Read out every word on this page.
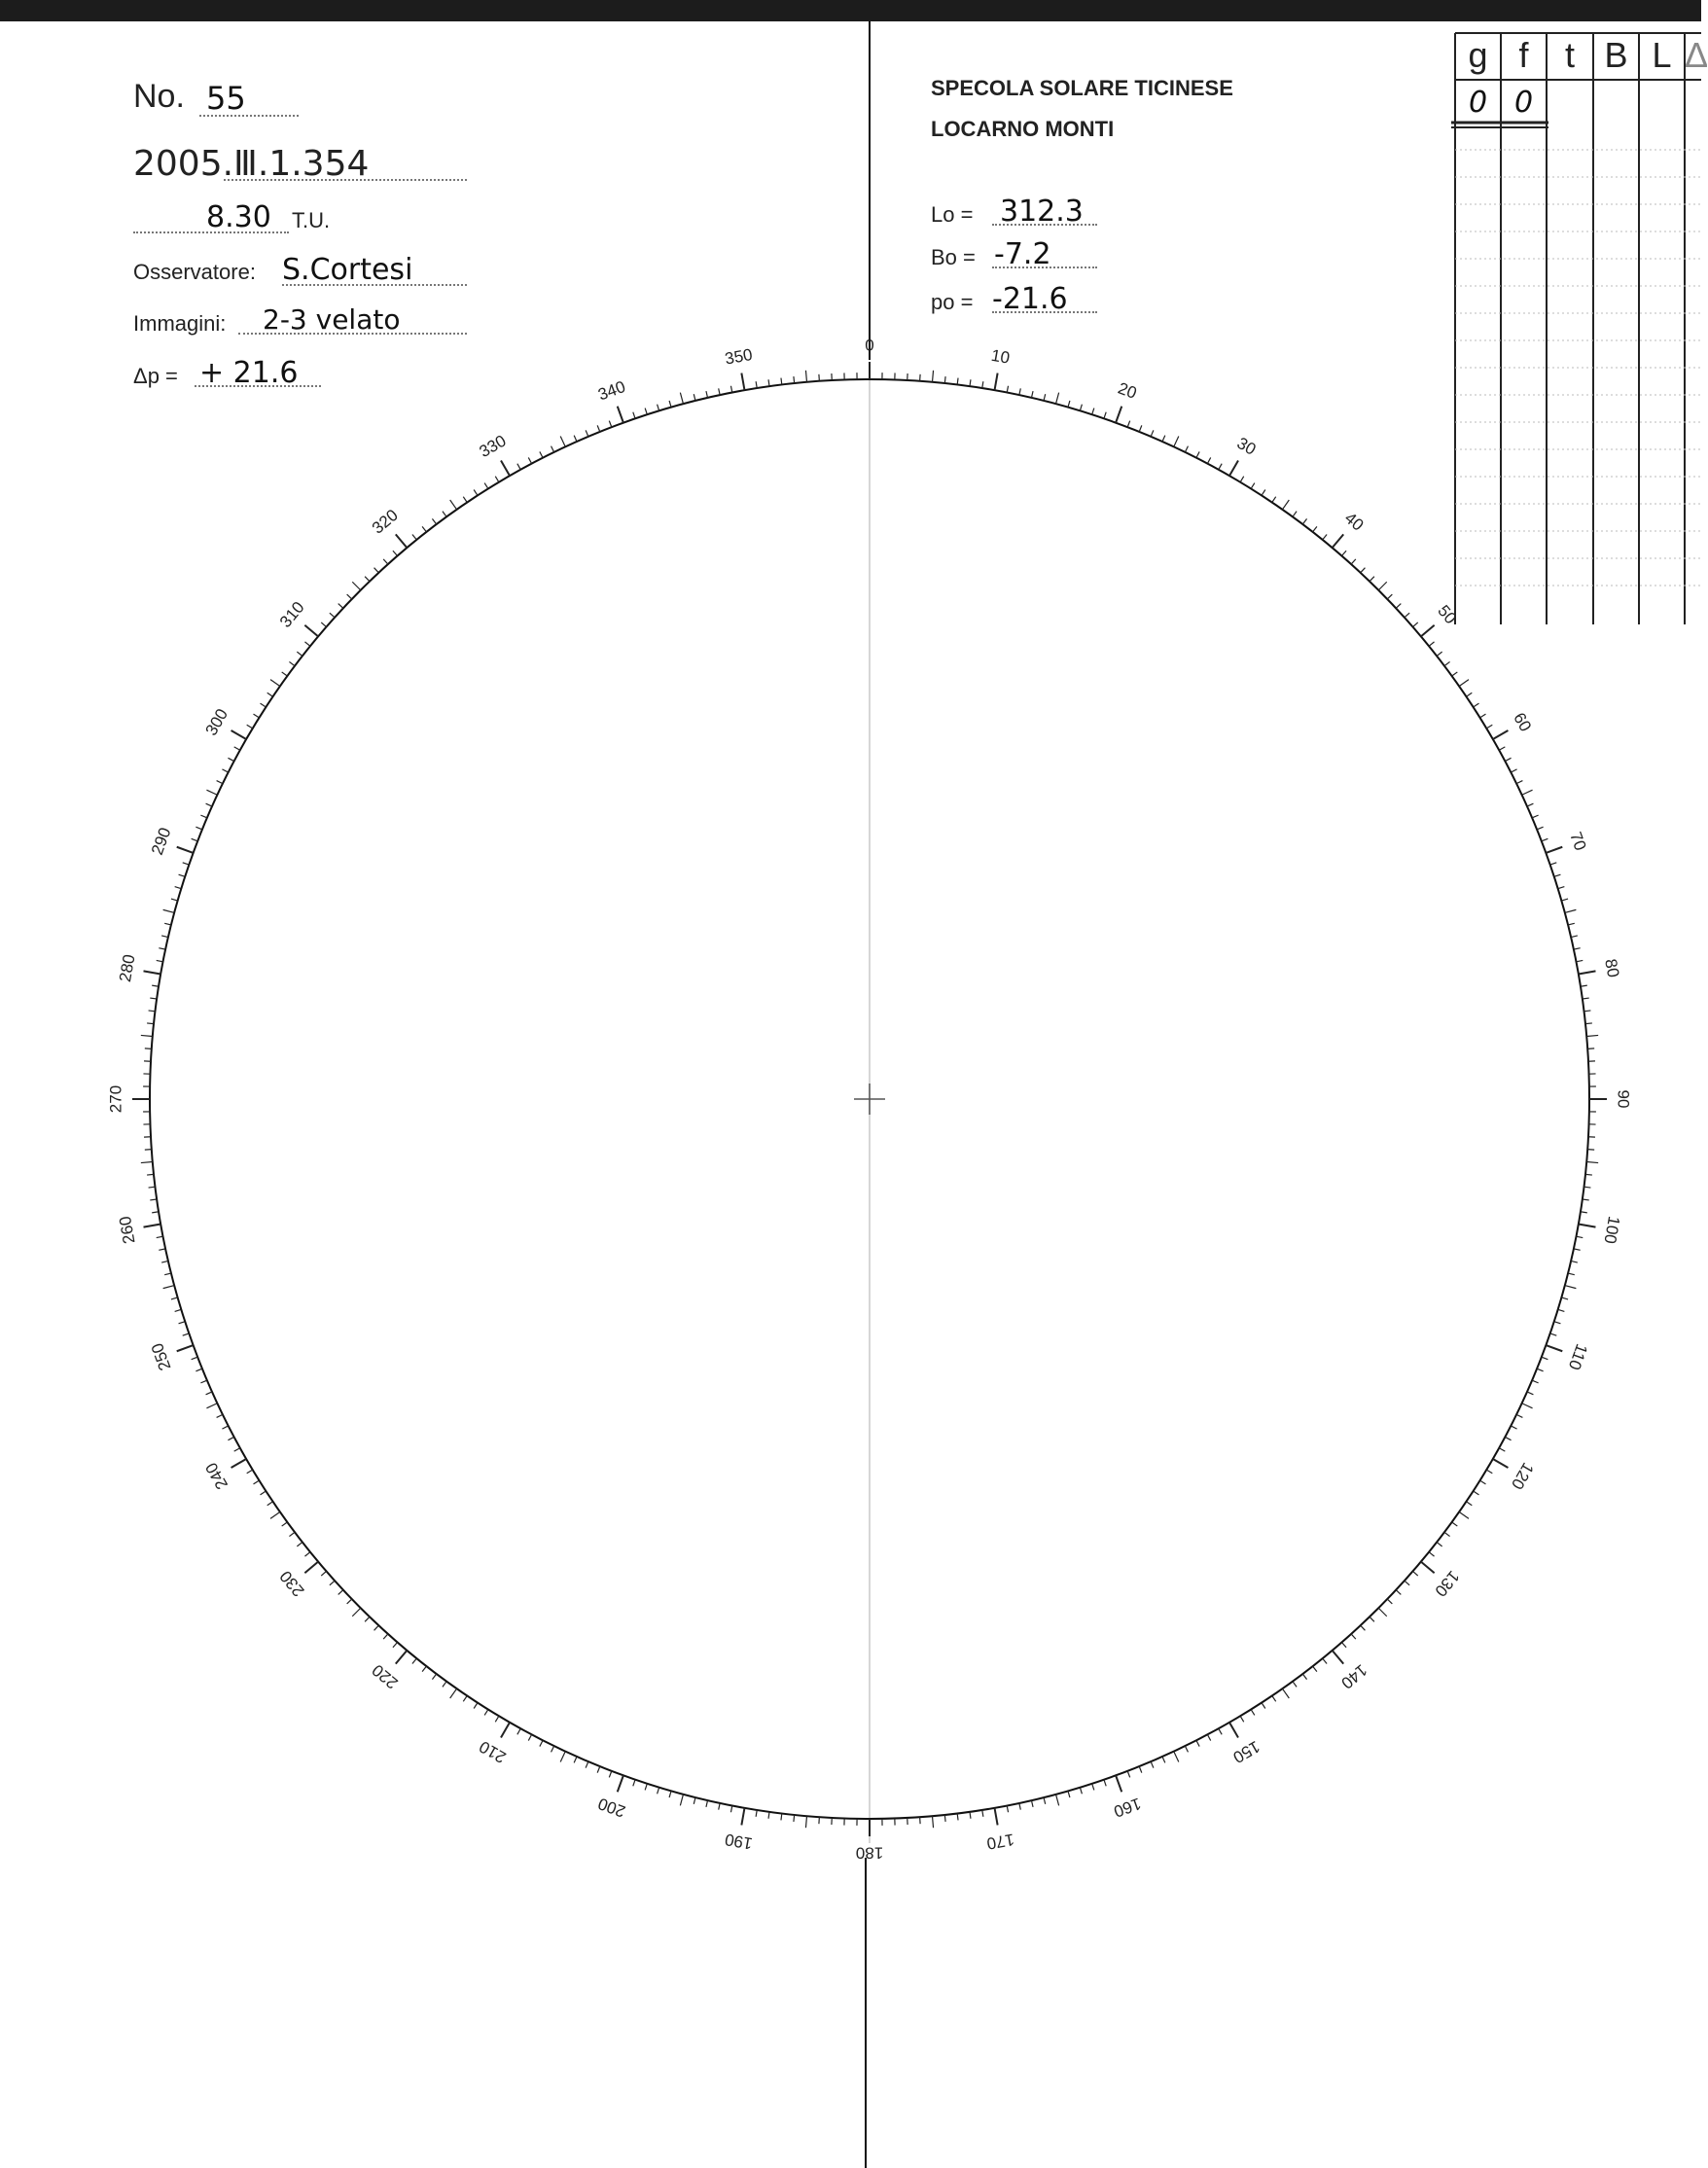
No. 55
2005.Ⅲ.1.354
8.30 T.U.
Osservatore: S.Cortesi
Immagini: 2-3 velato
Δp = + 21.6
SPECOLA SOLARE TICINESE
LOCARNO MONTI
Lo = 312.3
Bo = -7.2
po = -21.6
g f	t B L Δ
0 0
0
10
20
30
40
50
60
70
80
90
100
110
120
130
140
150
160
170
180
190
200
210
220
230
240
250
260
270
280
290
300
310
320
330
340
350
